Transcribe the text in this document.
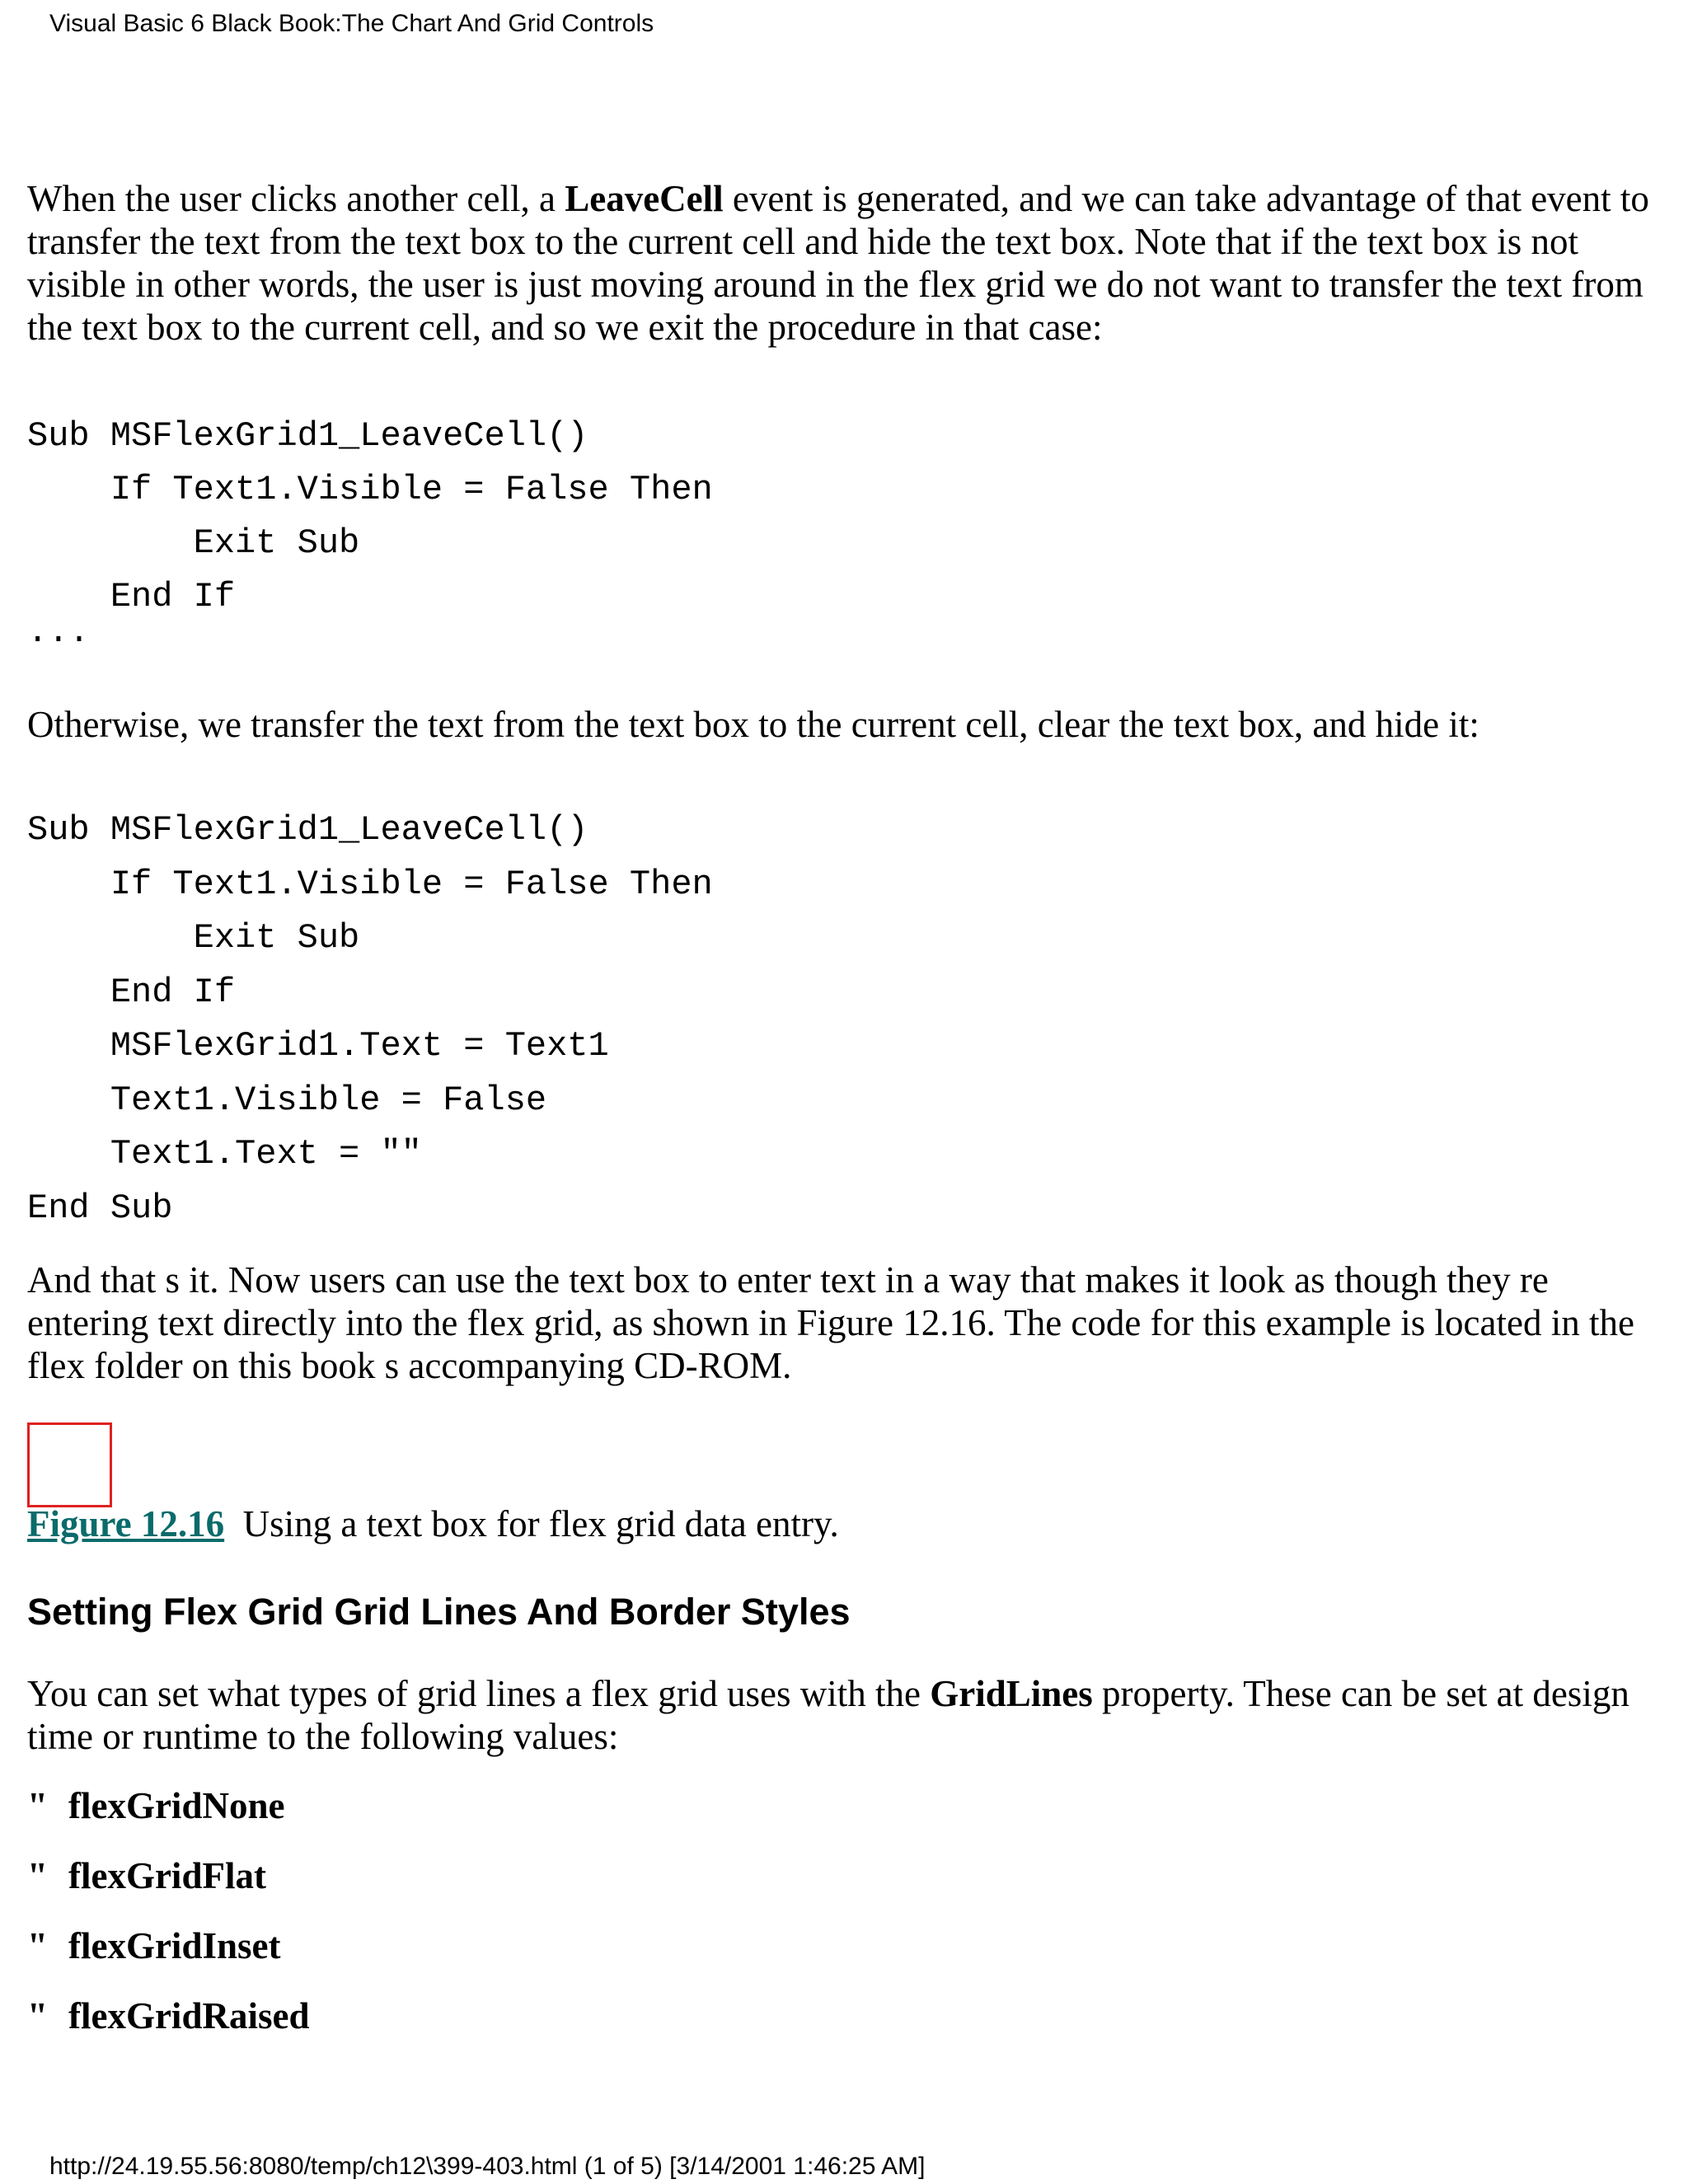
Visual Basic 6 Black Book:The Chart And Grid Controls

When the user clicks another cell, a LeaveCell event is generated, and we can take advantage of that event to transfer the text from the text box to the current cell and hide the text box. Note that if the text box is not visible in other words, the user is just moving around in the flex grid we do not want to transfer the text from the text box to the current cell, and so we exit the procedure in that case:

Sub MSFlexGrid1_LeaveCell()
If Text1.Visible = False Then
Exit Sub
End If
...

Otherwise, we transfer the text from the text box to the current cell, clear the text box, and hide it:

Sub MSFlexGrid1_LeaveCell()
If Text1.Visible = False Then
Exit Sub
End If
MSFlexGrid1.Text = Text1
Text1.Visible = False
Text1.Text = ""
End Sub

And that s it. Now users can use the text box to enter text in a way that makes it look as though they re entering text directly into the flex grid, as shown in Figure 12.16. The code for this example is located in the flex folder on this book s accompanying CD-ROM.

Figure 12.16 Using a text box for flex grid data entry.

Setting Flex Grid Grid Lines And Border Styles

You can set what types of grid lines a flex grid uses with the GridLines property. These can be set at design time or runtime to the following values:

" flexGridNone
" flexGridFlat
" flexGridInset
" flexGridRaised
http://24.19.55.56:8080/temp/ch12\399-403.html (1 of 5) [3/14/2001 1:46:25 AM]
